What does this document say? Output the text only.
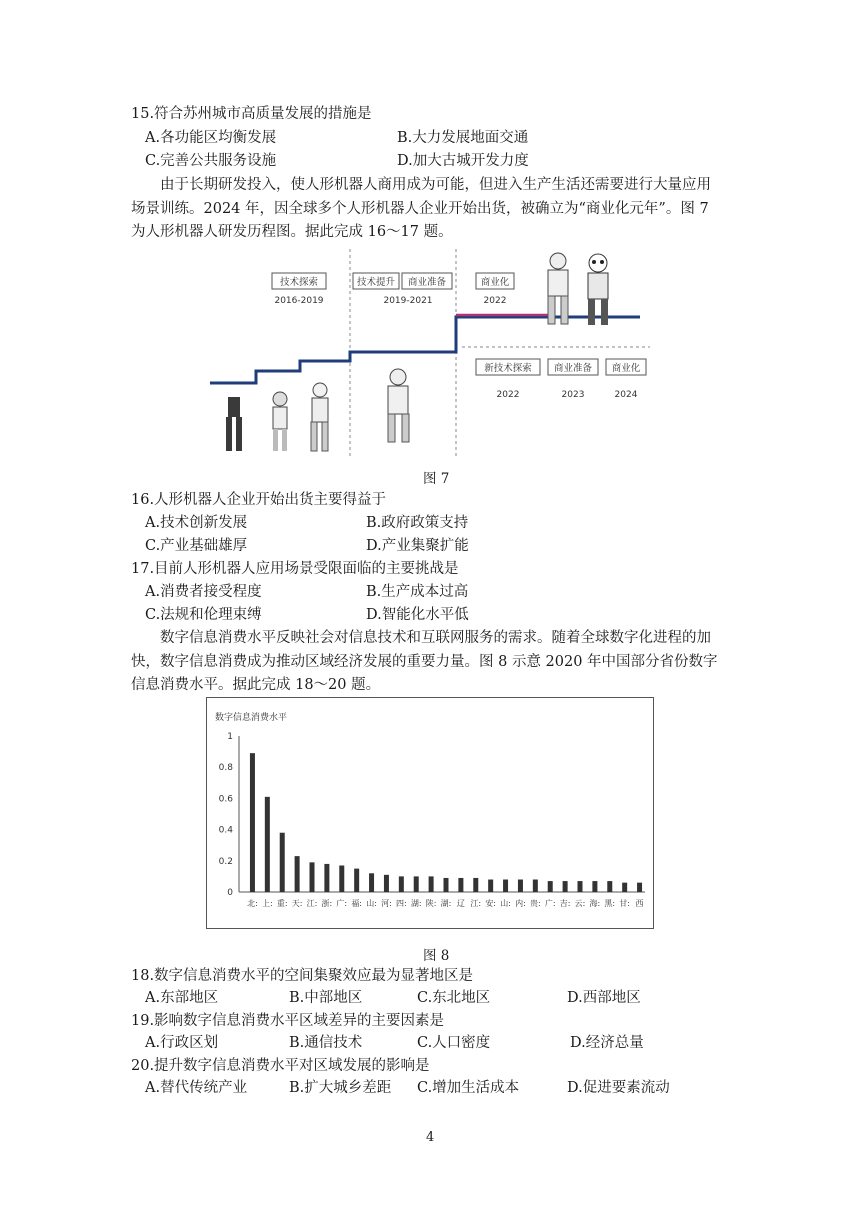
15.符合苏州城市高质量发展的措施是
A.各功能区均衡发展	B.大力发展地面交通
C.完善公共服务设施	D.加大古城开发力度
由于长期研发投入，使人形机器人商用成为可能，但进入生产生活还需要进行大量应用
场景训练。2024 年，因全球多个人形机器人企业开始出货，被确立为“商业化元年”。图 7
为人形机器人研发历程图。据此完成 16～17 题。
技术探索
2016-2019
技术提升
2019-2021
商业准备	商业化
2022
新技术探索
2022
商业准备
2023
商业化
2024
图 7
16.人形机器人企业开始出货主要得益于
A.技术创新发展	B.政府政策支持
C.产业基础雄厚	D.产业集聚扩能
17.目前人形机器人应用场景受限面临的主要挑战是
A.消费者接受程度	B.生产成本过高
C.法规和伦理束缚	D.智能化水平低
数字信息消费水平反映社会对信息技术和互联网服务的需求。随着全球数字化进程的加
快，数字信息消费成为推动区域经济发展的重要力量。图 8 示意 2020 年中国部分省份数字
信息消费水平。据此完成 18～20 题。
数字信息消费水平
0
0.2
0.4
0.6
0.8
1
北: 上: 重: 天: 江: 浙: 广: 福: 山: 河: 四: 湖: 陕: 湖: 辽 江: 安: 山: 内: 贵: 广: 吉: 云: 海: 黑: 甘: 西
图 8
18.数字信息消费水平的空间集聚效应最为显著地区是
A.东部地区	B.中部地区	C.东北地区	D.西部地区
19.影响数字信息消费水平区域差异的主要因素是
A.行政区划	B.通信技术	C.人口密度	D.经济总量
20.提升数字信息消费水平对区域发展的影响是
A.替代传统产业	B.扩大城乡差距 C.增加生活成本	D.促进要素流动
4
